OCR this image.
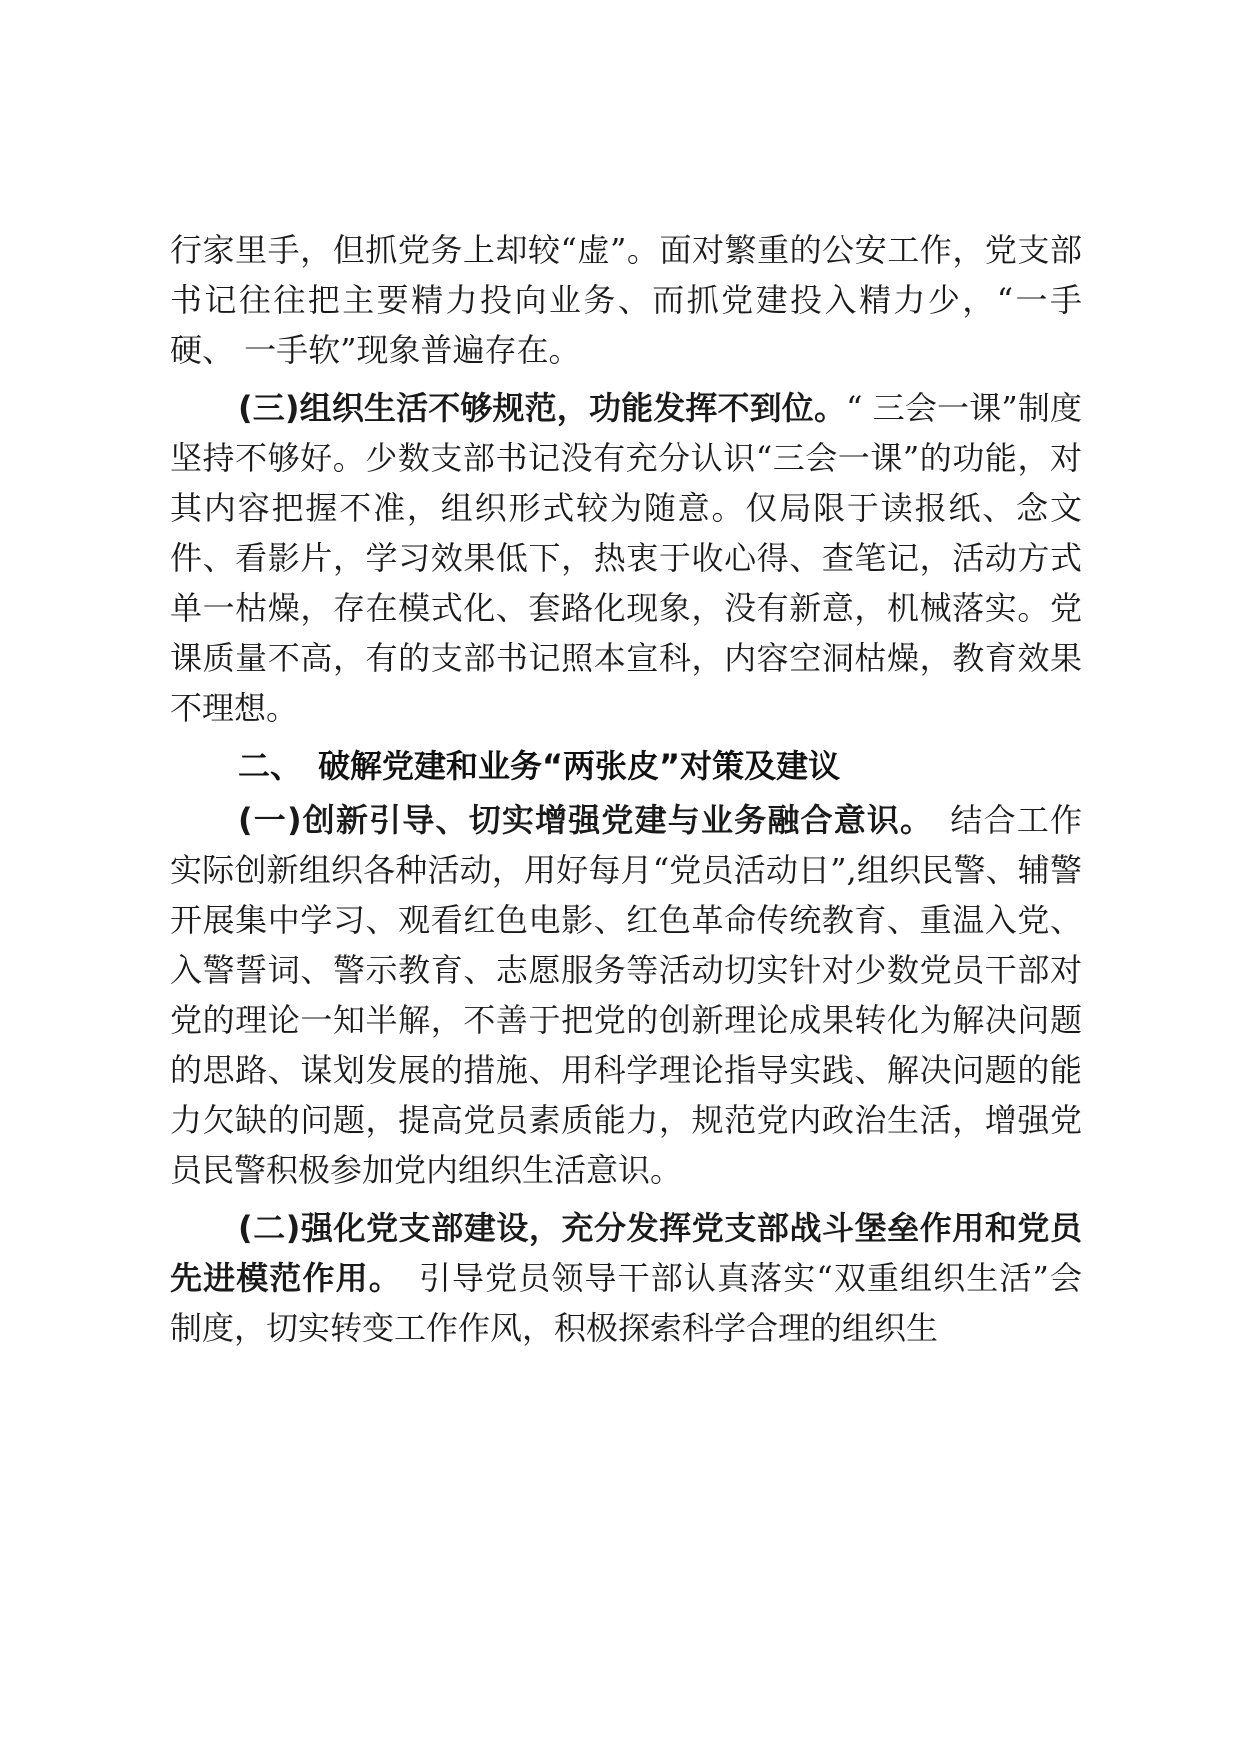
行家里手，但抓党务上却较“虚”。面对繁重的公安工作，党支部书记往往把主要精力投向业务、而抓党建投入精力少，“一手硬、 一手软”现象普遍存在。

(三)组织生活不够规范，功能发挥不到位。“ 三会一课”制度坚持不够好。少数支部书记没有充分认识“三会一课”的功能，对其内容把握不准，组织形式较为随意。仅局限于读报纸、念文件、看影片，学习效果低下，热衷于收心得、查笔记，活动方式单一枯燥，存在模式化、套路化现象，没有新意，机械落实。党课质量不高，有的支部书记照本宣科，内容空洞枯燥，教育效果不理想。

二、　破解党建和业务“两张皮”对策及建议

(一)创新引导、切实增强党建与业务融合意识。　结合工作实际创新组织各种活动，用好每月“党员活动日”,组织民警、辅警开展集中学习、观看红色电影、红色革命传统教育、重温入党、入警誓词、警示教育、志愿服务等活动切实针对少数党员干部对党的理论一知半解，不善于把党的创新理论成果转化为解决问题的思路、谋划发展的措施、用科学理论指导实践、解决问题的能力欠缺的问题，提高党员素质能力，规范党内政治生活，增强党员民警积极参加党内组织生活意识。

(二)强化党支部建设，充分发挥党支部战斗堡垒作用和党员先进模范作用。　引导党员领导干部认真落实“双重组织生活”会制度，切实转变工作作风，积极探索科学合理的组织生
